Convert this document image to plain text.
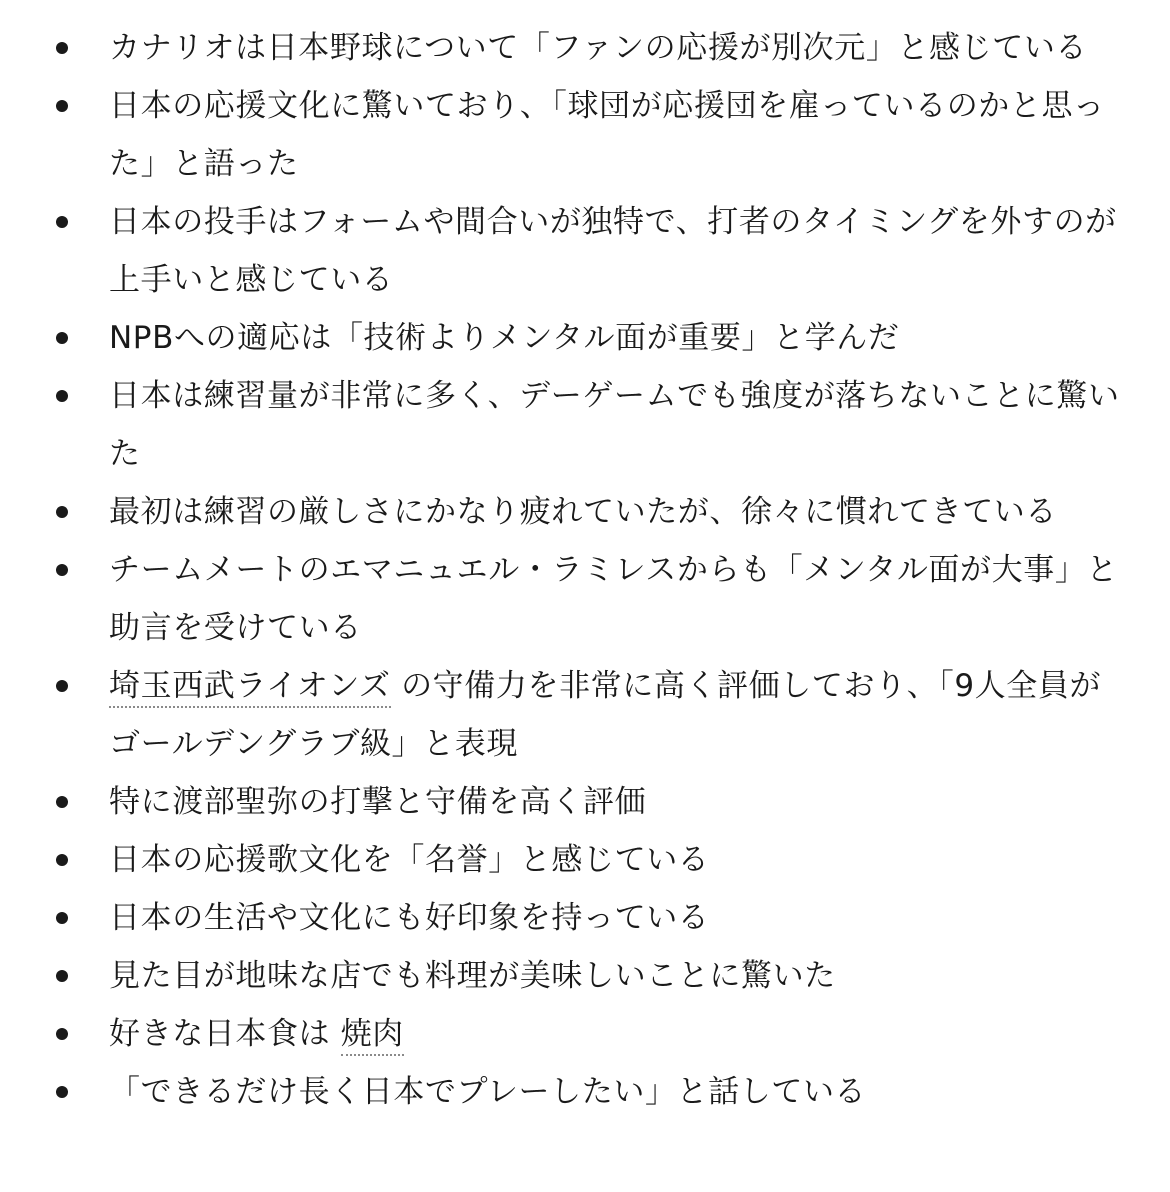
カナリオは日本野球について「ファンの応援が別次元」と感じている
日本の応援文化に驚いており、「球団が応援団を雇っているのかと思った」と語った
日本の投手はフォームや間合いが独特で、打者のタイミングを外すのが上手いと感じている
NPBへの適応は「技術よりメンタル面が重要」と学んだ
日本は練習量が非常に多く、デーゲームでも強度が落ちないことに驚いた
最初は練習の厳しさにかなり疲れていたが、徐々に慣れてきている
チームメートのエマニュエル・ラミレスからも「メンタル面が大事」と助言を受けている
埼玉西武ライオンズ の守備力を非常に高く評価しており、「9人全員がゴールデングラブ級」と表現
特に渡部聖弥の打撃と守備を高く評価
日本の応援歌文化を「名誉」と感じている
日本の生活や文化にも好印象を持っている
見た目が地味な店でも料理が美味しいことに驚いた
好きな日本食は 焼肉
「できるだけ長く日本でプレーしたい」と話している
